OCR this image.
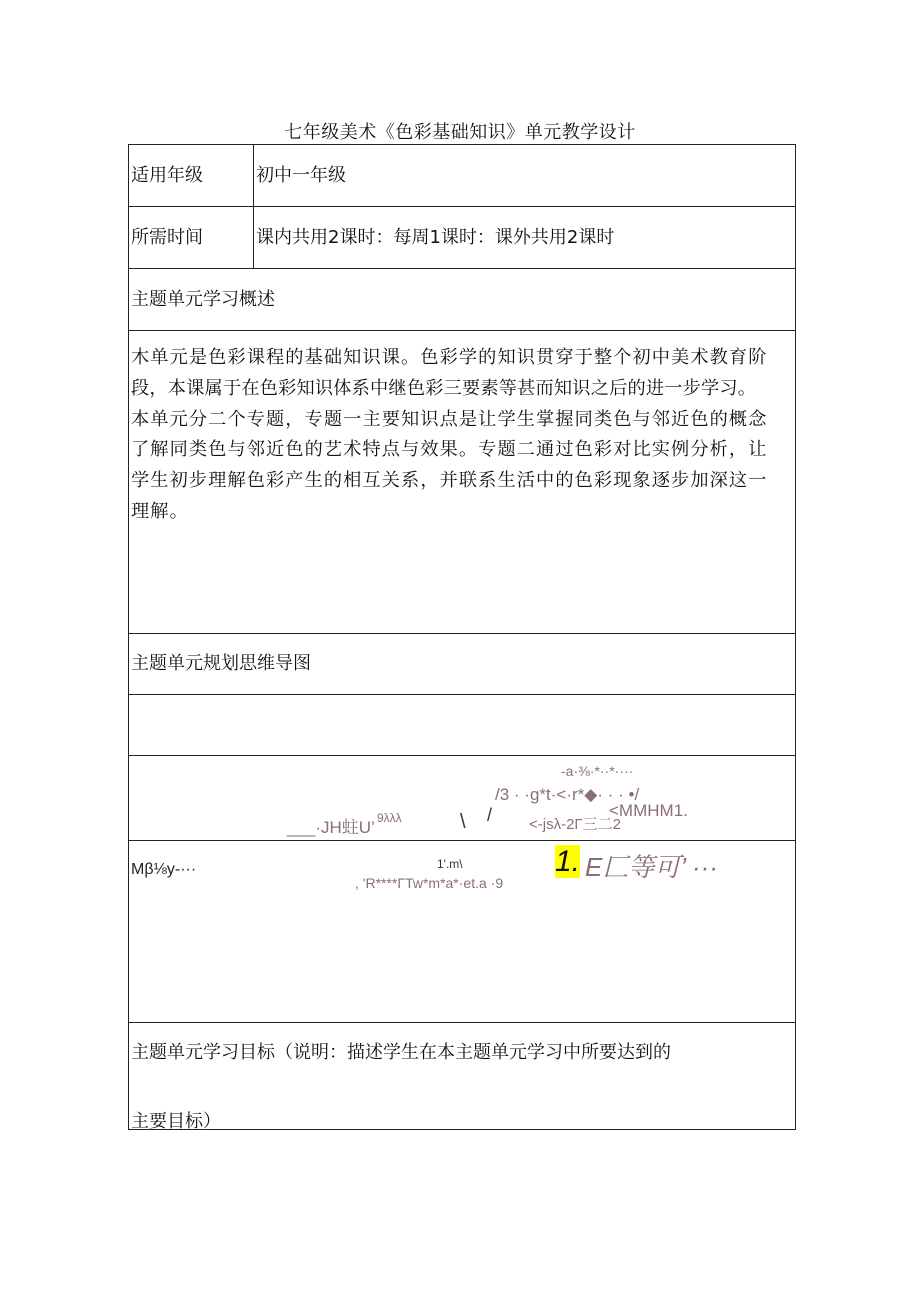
七年级美术《色彩基础知识》单元教学设计
适用年级	初中一年级
所需时间	课内共用2课时：每周1课时：课外共用2课时
主题单元学习概述
木单元是色彩课程的基础知识课。色彩学的知识贯穿于整个初中美术教育阶
段，本课属于在色彩知识体系中继色彩三要素等甚而知识之后的进一步学习。
本单元分二个专题，专题一主要知识点是让学生掌握同类色与邻近色的概念
了解同类色与邻近色的艺术特点与效果。专题二通过色彩对比实例分析，让
学生初步理解色彩产生的相互关系，并联系生活中的色彩现象逐步加深这一
理解。
主题单元规划思维导图
-a·⅜·*··*····
/3 · ·g*t·<·r*◆· · · •/
___·JH蛀U’ 9λλλ	\ / <-jsλ-2Γ三二2
<MMHM1.
Mβ⅛y-···	1'.m\
, 'R****ΓTw*m*a*·et.a ·9
1. E匚等可’ ···
主题单元学习目标（说明：描述学生在本主题单元学习中所要达到的
主要目标）
